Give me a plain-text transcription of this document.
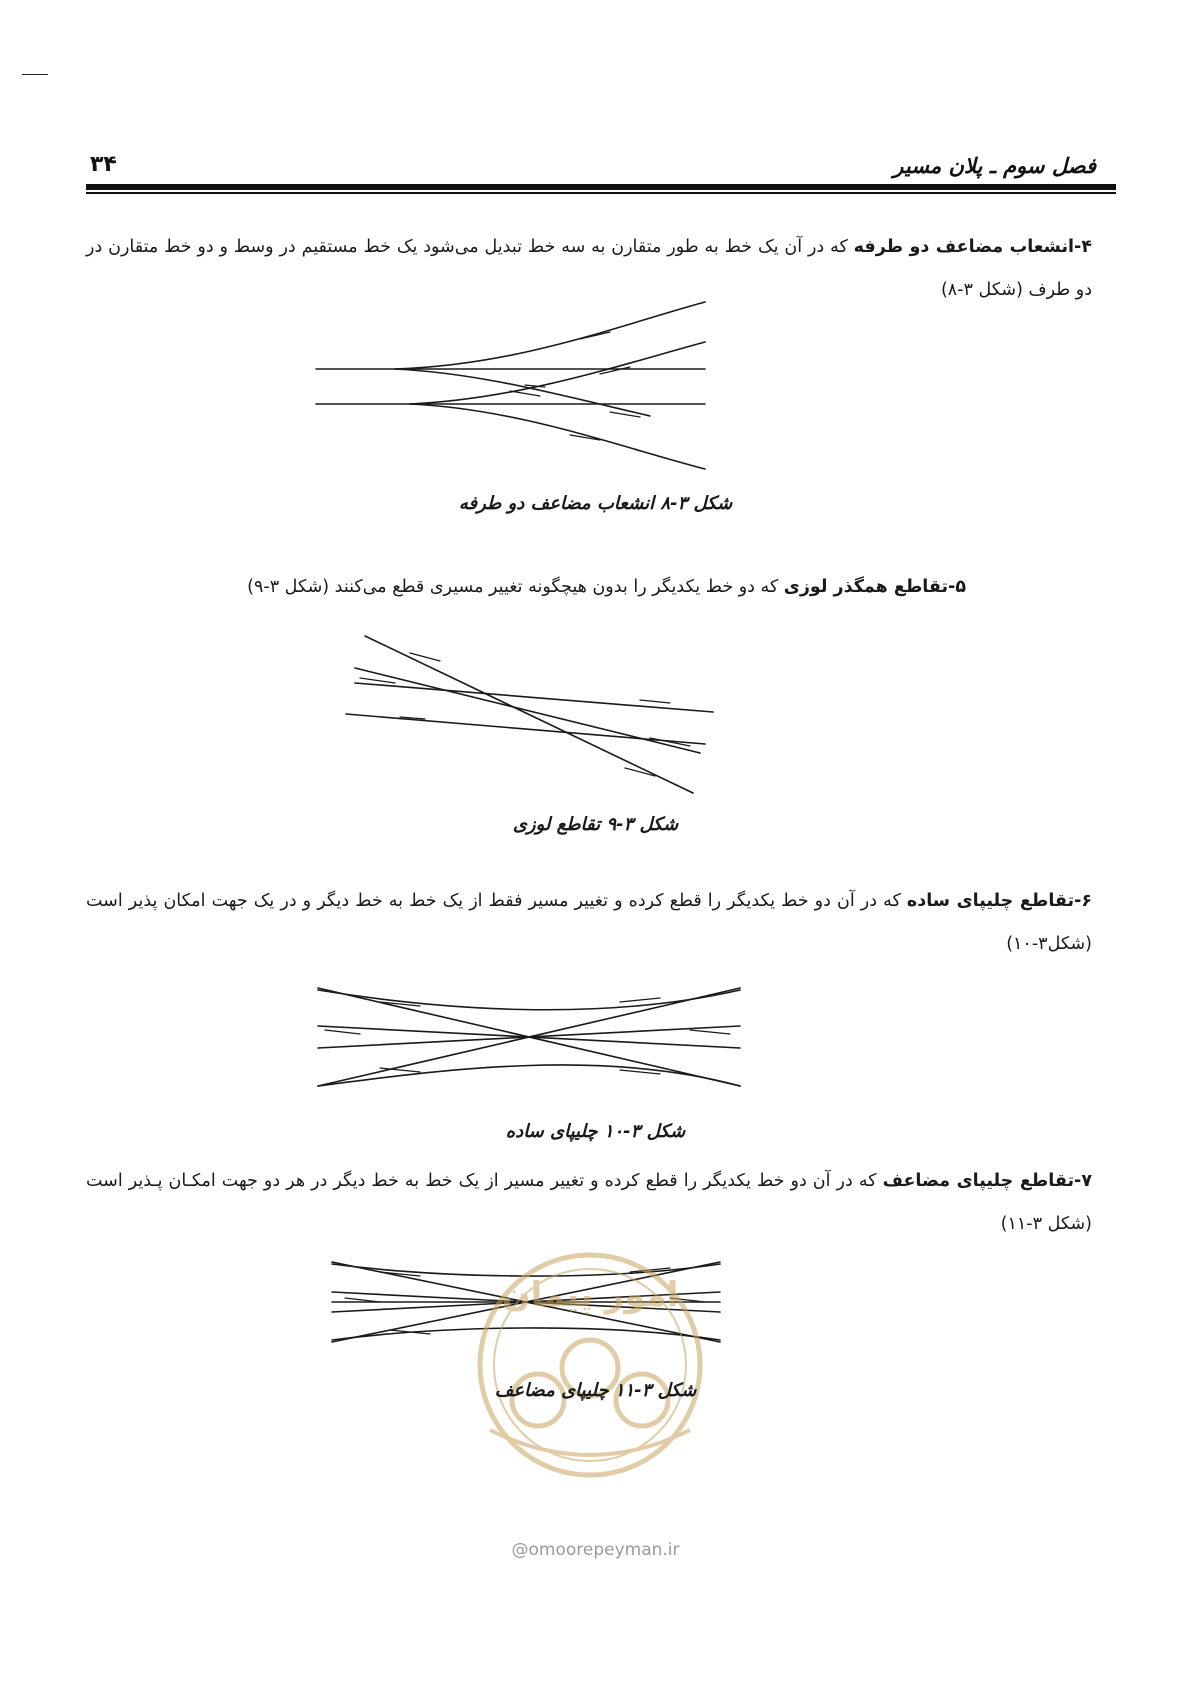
فصل سوم ـ پلان مسیر
۳۴
۴-انشعاب مضاعف دو طرفه که در آن یک خط به طور متقارن به سه خط تبدیل می‌شود یک خط مستقیم در وسط و دو خط متقارن در دو طرف (شکل ۳-۸)
شکل ۳-۸ انشعاب مضاعف دو طرفه
۵-تقاطع همگذر لوزی که دو خط یکدیگر را بدون هیچگونه تغییر مسیری قطع می‌کنند (شکل ۳-۹)
شکل ۳-۹ تقاطع لوزی
۶-تقاطع چلیپای ساده که در آن دو خط یکدیگر را قطع کرده و تغییر مسیر فقط از یک خط به خط دیگر و در یک جهت امکان پذیر است (شکل۳-۱۰)
شکل ۳-۱۰ چلیپای ساده
۷-تقاطع چلیپای مضاعف که در آن دو خط یکدیگر را قطع کرده و تغییر مسیر از یک خط به خط دیگر در هر دو جهت امکـان پـذیر است (شکل ۳-۱۱)
امور پیمان
شکل ۳-۱۱ چلیپای مضاعف
@omoorepeyman.ir
